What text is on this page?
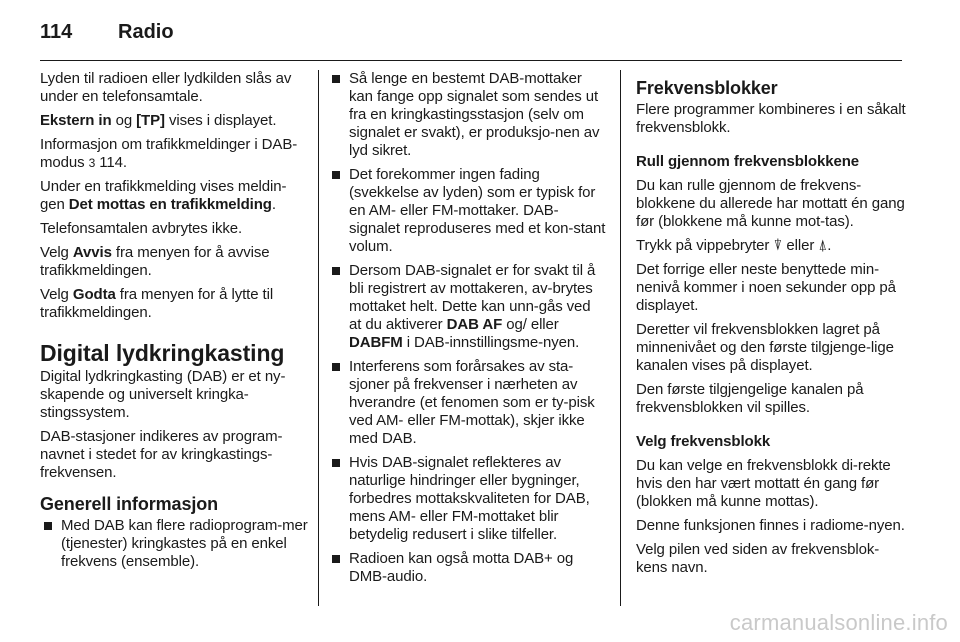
114 Radio

Lyden til radioen eller lydkilden slås av under en telefonsamtale.

Ekstern in og [TP] vises i displayet.

Informasjon om trafikkmeldinger i DAB-modus 3 114.

Under en trafikkmelding vises meldin-gen Det mottas en trafikkmelding.

Telefonsamtalen avbrytes ikke.

Velg Avvis fra menyen for å avvise trafikkmeldingen.

Velg Godta fra menyen for å lytte til trafikkmeldingen.

Digital lydkringkasting

Digital lydkringkasting (DAB) er et ny-skapende og universelt kringka-stingssystem.

DAB-stasjoner indikeres av program-navnet i stedet for av kringkastings-frekvensen.

Generell informasjon
Med DAB kan flere radioprogram-mer (tjenester) kringkastes på en enkel frekvens (ensemble).
Så lenge en bestemt DAB-mottaker kan fange opp signalet som sendes ut fra en kringkastingsstasjon (selv om signalet er svakt), er produksjo-nen av lyd sikret.
Det forekommer ingen fading (svekkelse av lyden) som er typisk for en AM- eller FM-mottaker. DAB-signalet reproduseres med et kon-stant volum.
Dersom DAB-signalet er for svakt til å bli registrert av mottakeren, av-brytes mottaket helt. Dette kan unn-gås ved at du aktiverer DAB AF og/ eller DABFM i DAB-innstillingsme-nyen.
Interferens som forårsakes av sta-sjoner på frekvenser i nærheten av hverandre (et fenomen som er ty-pisk ved AM- eller FM-mottak), skjer ikke med DAB.
Hvis DAB-signalet reflekteres av naturlige hindringer eller bygninger, forbedres mottakskvaliteten for DAB, mens AM- eller FM-mottaket blir betydelig redusert i slike tilfeller.
Radioen kan også motta DAB+ og DMB-audio.
Frekvensblokker

Flere programmer kombineres i en såkalt frekvensblokk.

Rull gjennom frekvensblokkene

Du kan rulle gjennom de frekvens-blokkene du allerede har mottatt én gang før (blokkene må kunne mot-tas).

Trykk på vippebryter ⍒ eller ⍋.

Det forrige eller neste benyttede min-nenivå kommer i noen sekunder opp på displayet.

Deretter vil frekvensblokken lagret på minnenivået og den første tilgjenge-lige kanalen vises på displayet.

Den første tilgjengelige kanalen på frekvensblokken vil spilles.

Velg frekvensblokk

Du kan velge en frekvensblokk di-rekte hvis den har vært mottatt én gang før (blokken må kunne mottas).

Denne funksjonen finnes i radiome-nyen.

Velg pilen ved siden av frekvensblok-kens navn.

carmanualsonline.info
